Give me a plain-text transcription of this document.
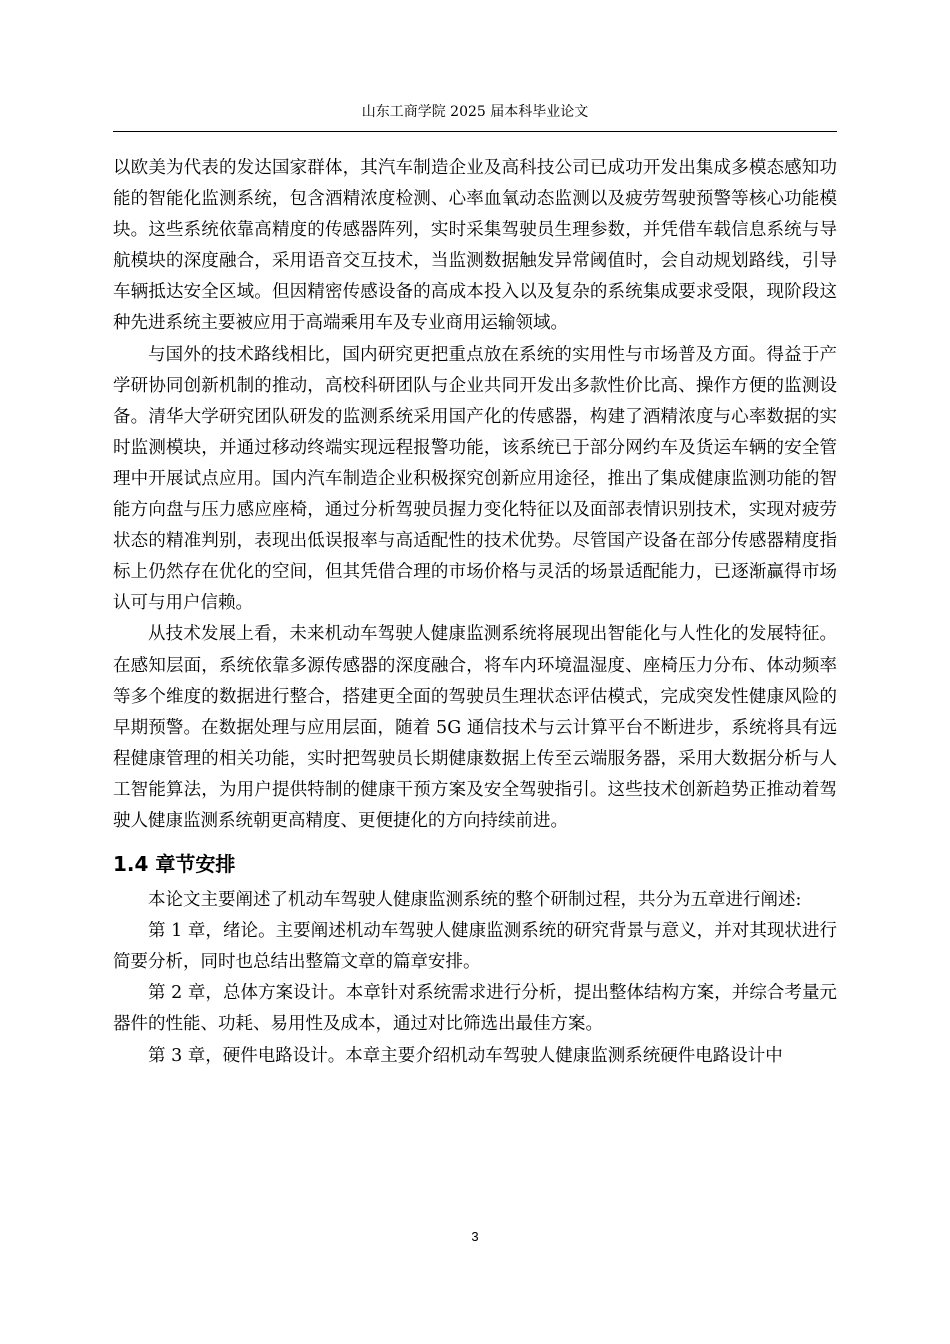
山东工商学院 2025 届本科毕业论文

以欧美为代表的发达国家群体，其汽车制造企业及高科技公司已成功开发出集成多模态感知功能的智能化监测系统，包含酒精浓度检测、心率血氧动态监测以及疲劳驾驶预警等核心功能模块。这些系统依靠高精度的传感器阵列，实时采集驾驶员生理参数，并凭借车载信息系统与导航模块的深度融合，采用语音交互技术，当监测数据触发异常阈值时，会自动规划路线，引导车辆抵达安全区域。但因精密传感设备的高成本投入以及复杂的系统集成要求受限，现阶段这种先进系统主要被应用于高端乘用车及专业商用运输领域。

与国外的技术路线相比，国内研究更把重点放在系统的实用性与市场普及方面。得益于产学研协同创新机制的推动，高校科研团队与企业共同开发出多款性价比高、操作方便的监测设备。清华大学研究团队研发的监测系统采用国产化的传感器，构建了酒精浓度与心率数据的实时监测模块，并通过移动终端实现远程报警功能，该系统已于部分网约车及货运车辆的安全管理中开展试点应用。国内汽车制造企业积极探究创新应用途径，推出了集成健康监测功能的智能方向盘与压力感应座椅，通过分析驾驶员握力变化特征以及面部表情识别技术，实现对疲劳状态的精准判别，表现出低误报率与高适配性的技术优势。尽管国产设备在部分传感器精度指标上仍然存在优化的空间，但其凭借合理的市场价格与灵活的场景适配能力，已逐渐赢得市场认可与用户信赖。

从技术发展上看，未来机动车驾驶人健康监测系统将展现出智能化与人性化的发展特征。在感知层面，系统依靠多源传感器的深度融合，将车内环境温湿度、座椅压力分布、体动频率等多个维度的数据进行整合，搭建更全面的驾驶员生理状态评估模式，完成突发性健康风险的早期预警。在数据处理与应用层面，随着 5G 通信技术与云计算平台不断进步，系统将具有远程健康管理的相关功能，实时把驾驶员长期健康数据上传至云端服务器，采用大数据分析与人工智能算法，为用户提供特制的健康干预方案及安全驾驶指引。这些技术创新趋势正推动着驾驶人健康监测系统朝更高精度、更便捷化的方向持续前进。

1.4 章节安排

本论文主要阐述了机动车驾驶人健康监测系统的整个研制过程，共分为五章进行阐述:

第 1 章，绪论。主要阐述机动车驾驶人健康监测系统的研究背景与意义，并对其现状进行简要分析，同时也总结出整篇文章的篇章安排。

第 2 章，总体方案设计。本章针对系统需求进行分析，提出整体结构方案，并综合考量元器件的性能、功耗、易用性及成本，通过对比筛选出最佳方案。

第 3 章，硬件电路设计。本章主要介绍机动车驾驶人健康监测系统硬件电路设计中

3
